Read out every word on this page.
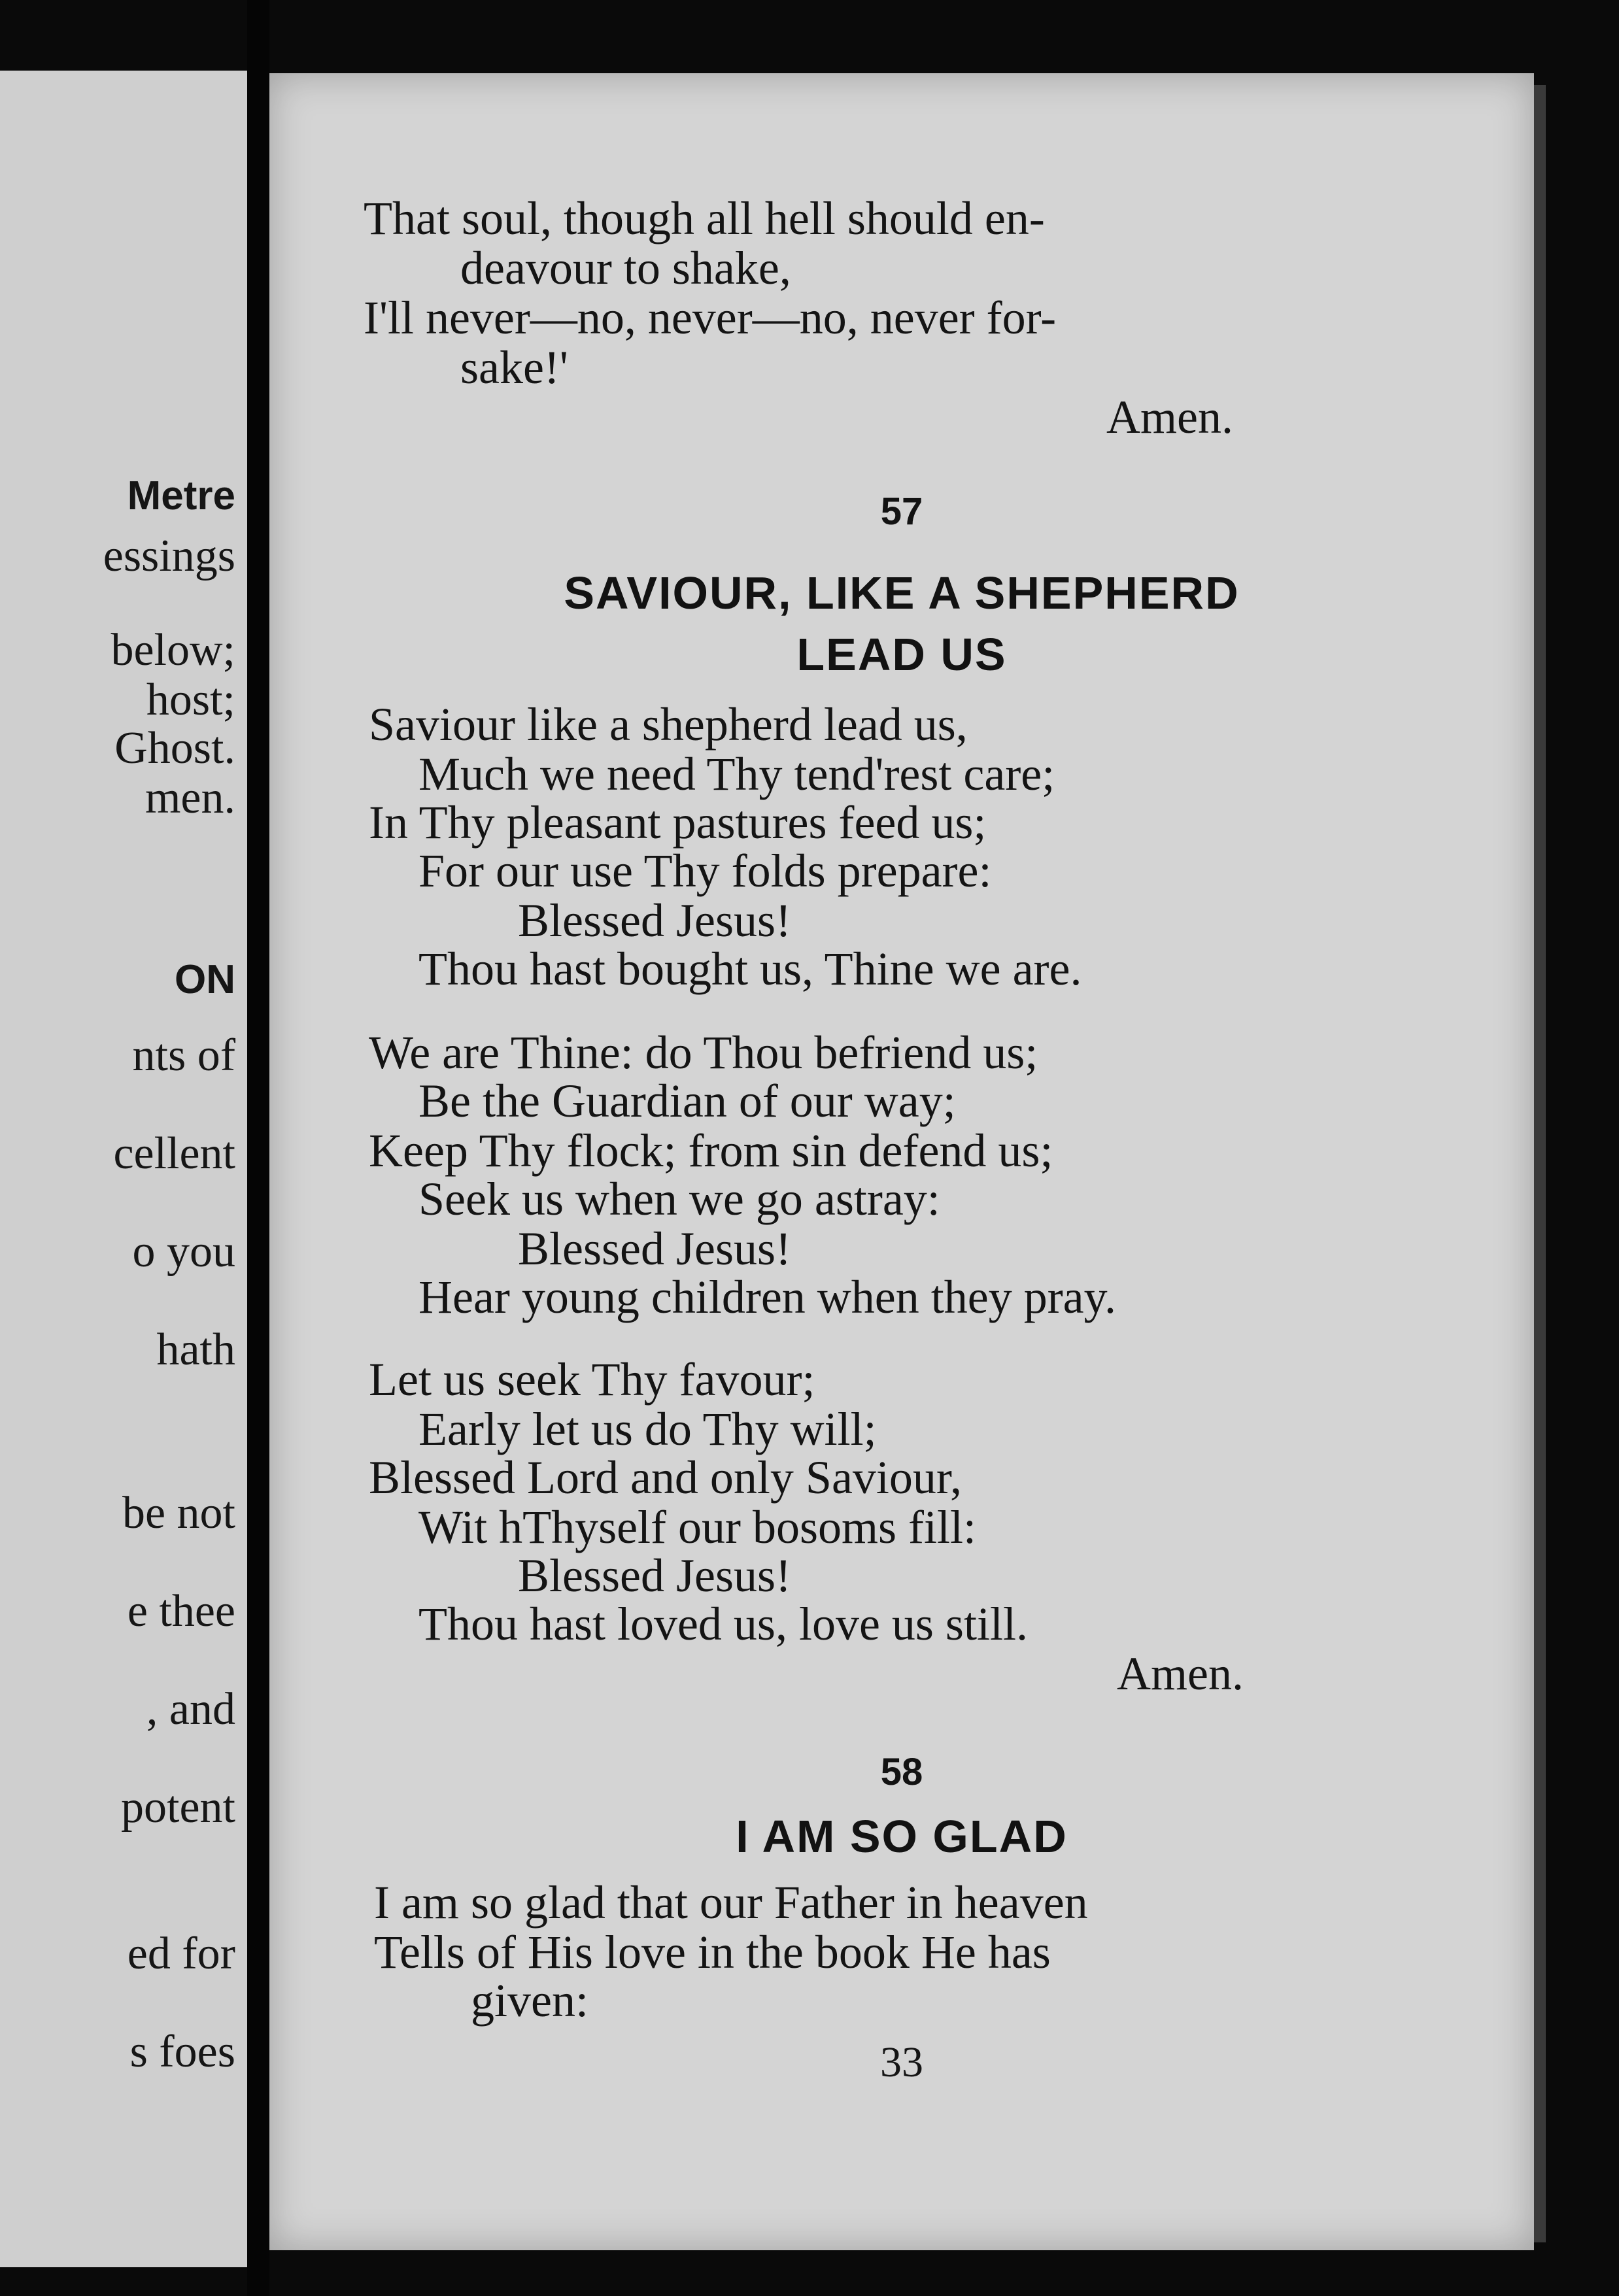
Metre
essings
below;
host;
Ghost.
men.
ON
nts of
cellent
o you
hath
be not
e thee
, and
potent
ed for
s foes
That soul, though all hell should en-
deavour to shake,
I'll never—no, never—no, never for-
sake!'
Amen.
57
SAVIOUR, LIKE A SHEPHERD
LEAD US
Saviour like a shepherd lead us,
Much we need Thy tend'rest care;
In Thy pleasant pastures feed us;
For our use Thy folds prepare:
Blessed Jesus!
Thou hast bought us, Thine we are.
We are Thine: do Thou befriend us;
Be the Guardian of our way;
Keep Thy flock; from sin defend us;
Seek us when we go astray:
Blessed Jesus!
Hear young children when they pray.
Let us seek Thy favour;
Early let us do Thy will;
Blessed Lord and only Saviour,
Wit hThyself our bosoms fill:
Blessed Jesus!
Thou hast loved us, love us still.
Amen.
58
I AM SO GLAD
I am so glad that our Father in heaven
Tells of His love in the book He has
given:
33
